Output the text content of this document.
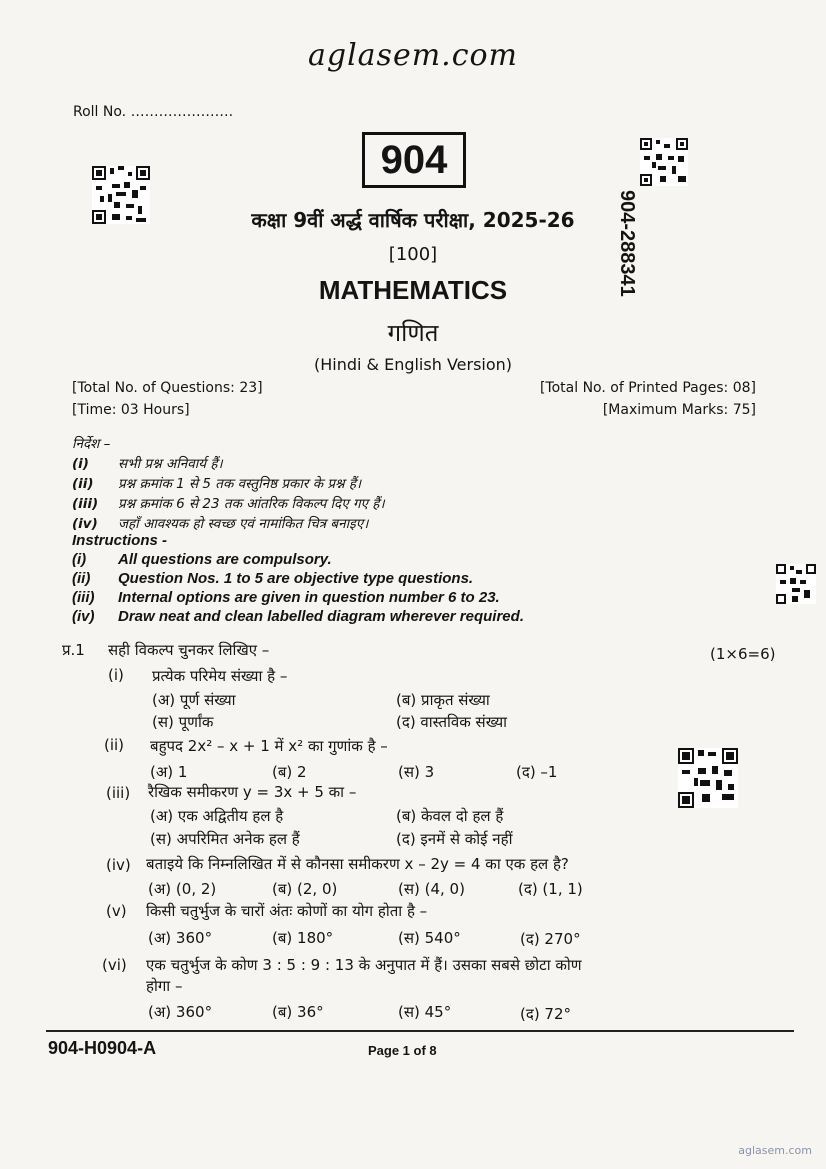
aglasem.com
Roll No. ………………….
904
904-288341
कक्षा 9वीं अर्द्ध वार्षिक परीक्षा, 2025-26
[100]
MATHEMATICS
गणित
(Hindi & English Version)
[Total No. of Questions: 23]	[Total No. of Printed Pages: 08]
[Time: 03 Hours]	[Maximum Marks: 75]
निर्देश –
(i) सभी प्रश्न अनिवार्य हैं।
(ii) प्रश्न क्रमांक 1 से 5 तक वस्तुनिष्ठ प्रकार के प्रश्न हैं।
(iii) प्रश्न क्रमांक 6 से 23 तक आंतरिक विकल्प दिए गए हैं।
(iv) जहाँ आवश्यक हो स्वच्छ एवं नामांकित चित्र बनाइए।
Instructions -
(i) All questions are compulsory.
(ii) Question Nos. 1 to 5 are objective type questions.
(iii) Internal options are given in question number 6 to 23.
(iv) Draw neat and clean labelled diagram wherever required.
प्र.1 सही विकल्प चुनकर लिखिए –	(1×6=6)
(i) प्रत्येक परिमेय संख्या है –
(अ) पूर्ण संख्या	(ब) प्राकृत संख्या
(स) पूर्णांक	(द) वास्तविक संख्या
(ii) बहुपद 2x² – x + 1 में x² का गुणांक है –
(अ) 1	(ब) 2	(स) 3	(द) –1
(iii) रैखिक समीकरण y = 3x + 5 का –
(अ) एक अद्वितीय हल है	(ब) केवल दो हल हैं
(स) अपरिमित अनेक हल हैं	(द) इनमें से कोई नहीं
(iv) बताइये कि निम्नलिखित में से कौनसा समीकरण x – 2y = 4 का एक हल है?
(अ) (0, 2)	(ब) (2, 0)	(स) (4, 0)	(द) (1, 1)
(v) किसी चतुर्भुज के चारों अंतः कोणों का योग होता है –
(अ) 360°	(ब) 180°	(स) 540°	(द) 270°
(vi) एक चतुर्भुज के कोण 3 : 5 : 9 : 13 के अनुपात में हैं। उसका सबसे छोटा कोण
होगा –
(अ) 360°	(ब) 36°	(स) 45°	(द) 72°
904-H0904-A	Page 1 of 8
aglasem.com
